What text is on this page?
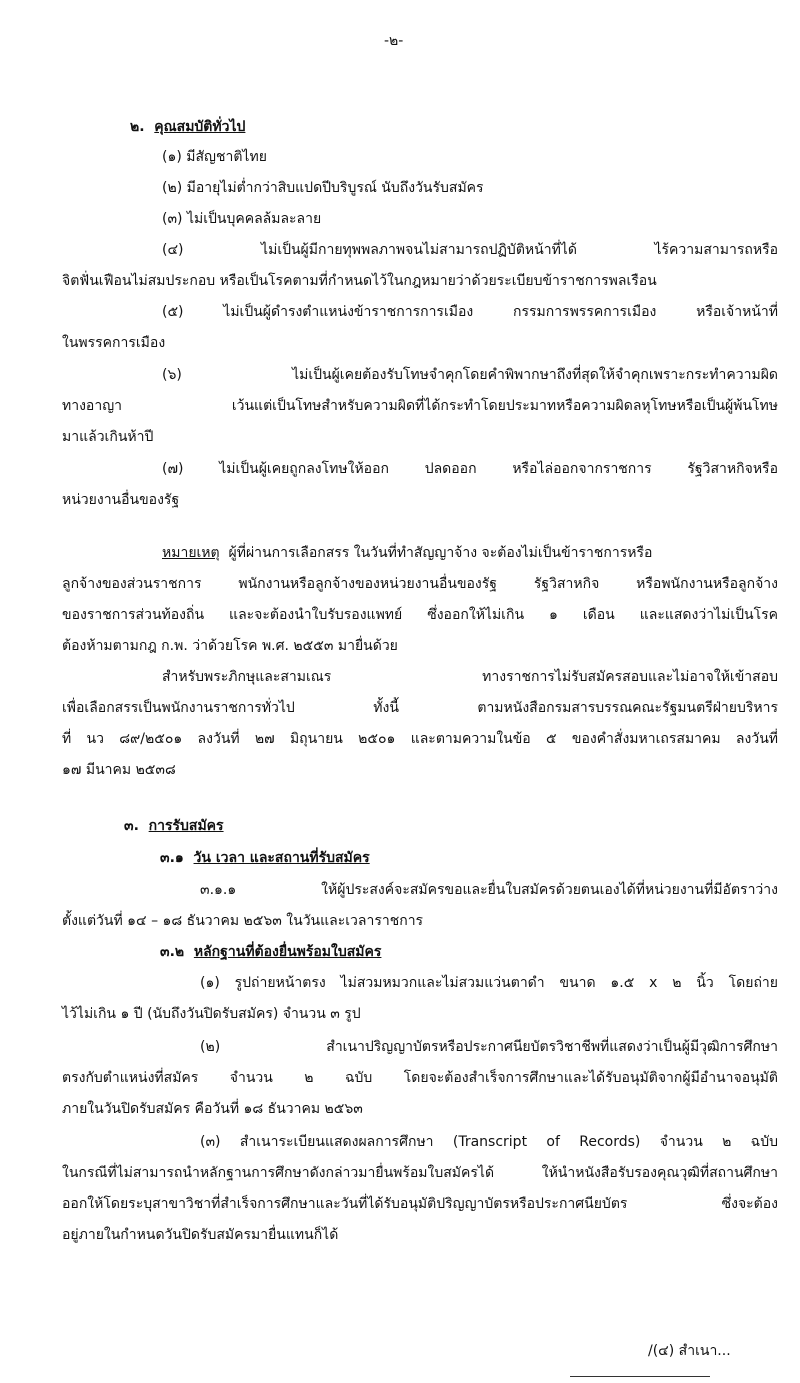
-๒-
๒. คุณสมบัติทั่วไป
(๑) มีสัญชาติไทย
(๒) มีอายุไม่ต่ำกว่าสิบแปดปีบริบูรณ์ นับถึงวันรับสมัคร
(๓) ไม่เป็นบุคคลล้มละลาย
(๔) ไม่เป็นผู้มีกายทุพพลภาพจนไม่สามารถปฏิบัติหน้าที่ได้ ไร้ความสามารถหรือ
จิตฟั่นเฟือนไม่สมประกอบ หรือเป็นโรคตามที่กำหนดไว้ในกฎหมายว่าด้วยระเบียบข้าราชการพลเรือน
(๕) ไม่เป็นผู้ดำรงตำแหน่งข้าราชการการเมือง กรรมการพรรคการเมือง หรือเจ้าหน้าที่
ในพรรคการเมือง
(๖) ไม่เป็นผู้เคยต้องรับโทษจำคุกโดยคำพิพากษาถึงที่สุดให้จำคุกเพราะกระทำความผิด
ทางอาญา เว้นแต่เป็นโทษสำหรับความผิดที่ได้กระทำโดยประมาทหรือความผิดลหุโทษหรือเป็นผู้พ้นโทษ
มาแล้วเกินห้าปี
(๗) ไม่เป็นผู้เคยถูกลงโทษให้ออก ปลดออก หรือไล่ออกจากราชการ รัฐวิสาหกิจหรือ
หน่วยงานอื่นของรัฐ
หมายเหตุ ผู้ที่ผ่านการเลือกสรร ในวันที่ทำสัญญาจ้าง จะต้องไม่เป็นข้าราชการหรือ
ลูกจ้างของส่วนราชการ พนักงานหรือลูกจ้างของหน่วยงานอื่นของรัฐ รัฐวิสาหกิจ หรือพนักงานหรือลูกจ้าง
ของราชการส่วนท้องถิ่น และจะต้องนำใบรับรองแพทย์ ซึ่งออกให้ไม่เกิน ๑ เดือน และแสดงว่าไม่เป็นโรค
ต้องห้ามตามกฎ ก.พ. ว่าด้วยโรค พ.ศ. ๒๕๕๓ มายื่นด้วย
สำหรับพระภิกษุและสามเณร ทางราชการไม่รับสมัครสอบและไม่อาจให้เข้าสอบ
เพื่อเลือกสรรเป็นพนักงานราชการทั่วไป ทั้งนี้ ตามหนังสือกรมสารบรรณคณะรัฐมนตรีฝ่ายบริหาร
ที่ นว ๘๙/๒๕๐๑ ลงวันที่ ๒๗ มิถุนายน ๒๕๐๑ และตามความในข้อ ๕ ของคำสั่งมหาเถรสมาคม ลงวันที่
๑๗ มีนาคม ๒๕๓๘
๓. การรับสมัคร
๓.๑ วัน เวลา และสถานที่รับสมัคร
๓.๑.๑ ให้ผู้ประสงค์จะสมัครขอและยื่นใบสมัครด้วยตนเองได้ที่หน่วยงานที่มีอัตราว่าง
ตั้งแต่วันที่ ๑๔ – ๑๘ ธันวาคม ๒๕๖๓ ในวันและเวลาราชการ
๓.๒ หลักฐานที่ต้องยื่นพร้อมใบสมัคร
(๑) รูปถ่ายหน้าตรง ไม่สวมหมวกและไม่สวมแว่นตาดำ ขนาด ๑.๕ x ๒ นิ้ว โดยถ่าย
ไว้ไม่เกิน ๑ ปี (นับถึงวันปิดรับสมัคร) จำนวน ๓ รูป
(๒) สำเนาปริญญาบัตรหรือประกาศนียบัตรวิชาชีพที่แสดงว่าเป็นผู้มีวุฒิการศึกษา
ตรงกับตำแหน่งที่สมัคร จำนวน ๒ ฉบับ โดยจะต้องสำเร็จการศึกษาและได้รับอนุมัติจากผู้มีอำนาจอนุมัติ
ภายในวันปิดรับสมัคร คือวันที่ ๑๘ ธันวาคม ๒๕๖๓
(๓) สำเนาระเบียนแสดงผลการศึกษา (Transcript of Records) จำนวน ๒ ฉบับ
ในกรณีที่ไม่สามารถนำหลักฐานการศึกษาดังกล่าวมายื่นพร้อมใบสมัครได้ ให้นำหนังสือรับรองคุณวุฒิที่สถานศึกษา
ออกให้โดยระบุสาขาวิชาที่สำเร็จการศึกษาและวันที่ได้รับอนุมัติปริญญาบัตรหรือประกาศนียบัตร ซึ่งจะต้อง
อยู่ภายในกำหนดวันปิดรับสมัครมายื่นแทนก็ได้
/(๔) สำเนา...
